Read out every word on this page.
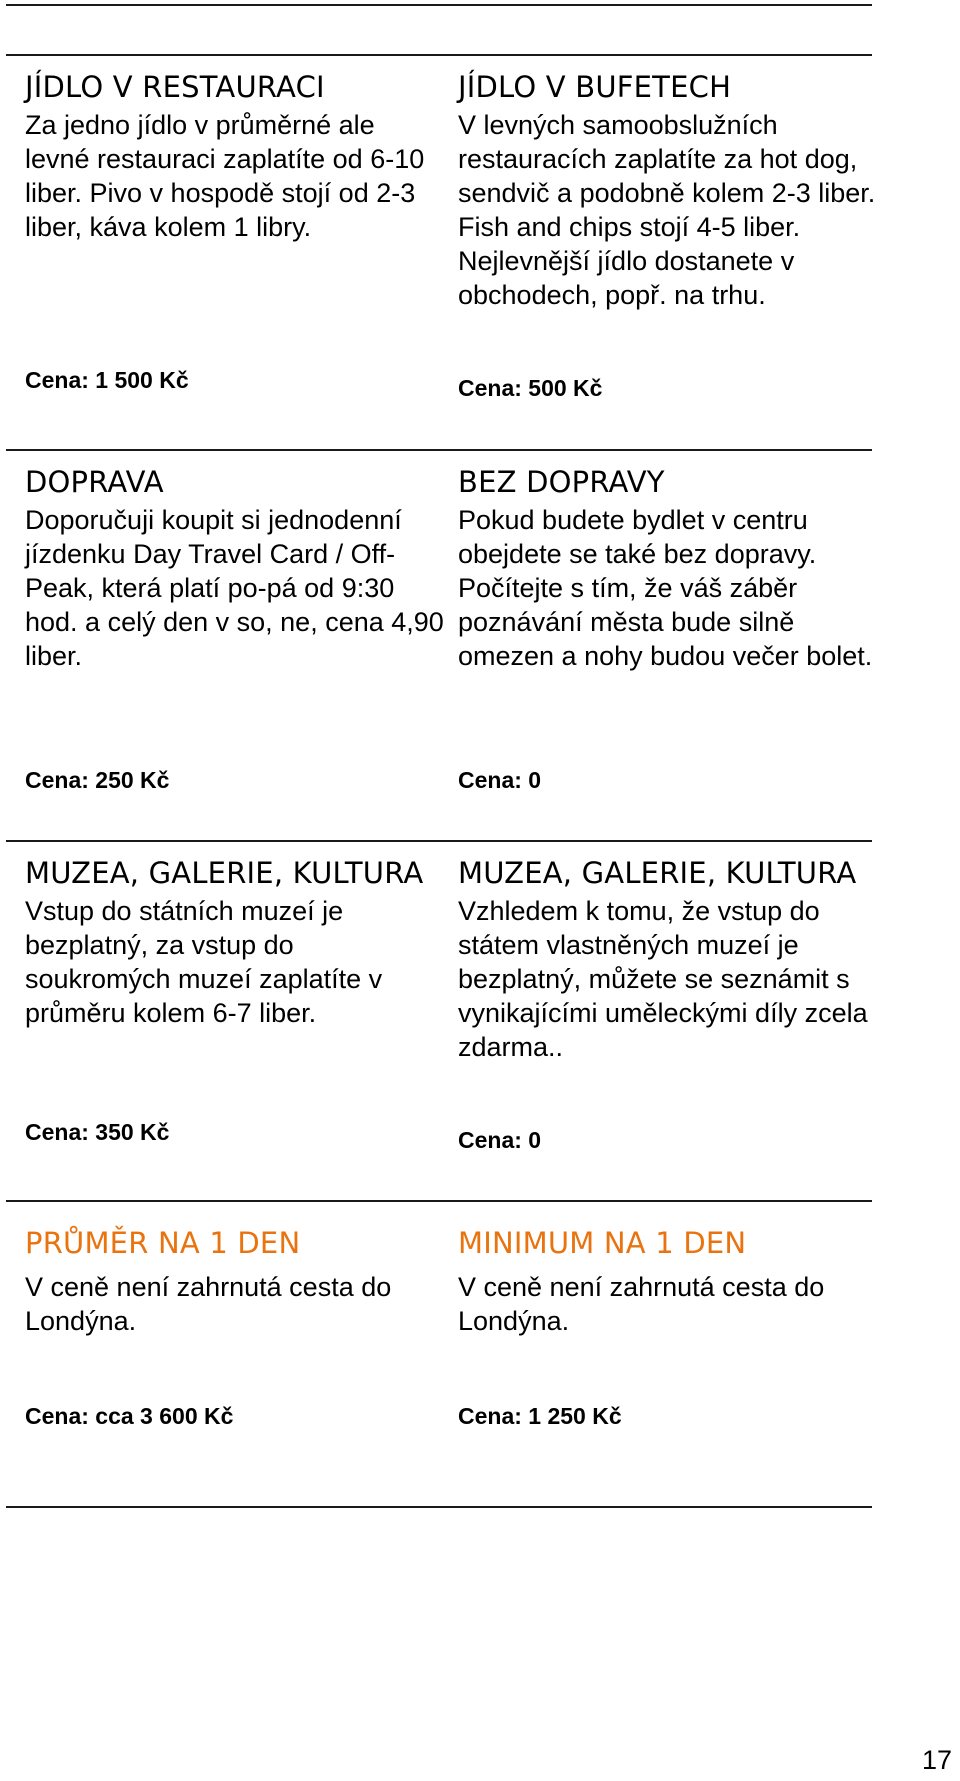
JÍDLO V RESTAURACI

Za jedno jídlo v průměrné ale levné restauraci zaplatíte od 6-10 liber. Pivo v hospodě stojí od 2-3 liber, káva kolem 1 libry.

Cena: 1 500 Kč
JÍDLO V BUFETECH

V levných samoobslužních restauracích zaplatíte za hot dog, sendvič a podobně kolem 2-3 liber. Fish and chips stojí 4-5 liber. Nejlevnější jídlo dostanete v obchodech, popř. na trhu.

Cena: 500 Kč
DOPRAVA

Doporučuji koupit si jednodenní jízdenku Day Travel Card / Off-Peak, která platí po-pá od 9:30 hod. a celý den v so, ne, cena 4,90 liber.

Cena: 250 Kč
BEZ DOPRAVY

Pokud budete bydlet v centru obejdete se také bez dopravy. Počítejte s tím, že váš záběr poznávání města bude silně omezen a nohy budou večer bolet.

Cena: 0
MUZEA, GALERIE, KULTURA

Vstup do státních muzeí je bezplatný, za vstup do soukromých muzeí zaplatíte v průměru kolem 6-7 liber.

Cena: 350 Kč
MUZEA, GALERIE, KULTURA

Vzhledem k tomu, že vstup do státem vlastněných muzeí je bezplatný, můžete se seznámit s vynikajícími uměleckými díly zcela zdarma..

Cena: 0
PRŮMĚR NA 1 DEN

V ceně není zahrnutá cesta do Londýna.

Cena: cca 3 600 Kč
MINIMUM NA 1 DEN

V ceně není zahrnutá cesta do Londýna.

Cena: 1 250 Kč
17
